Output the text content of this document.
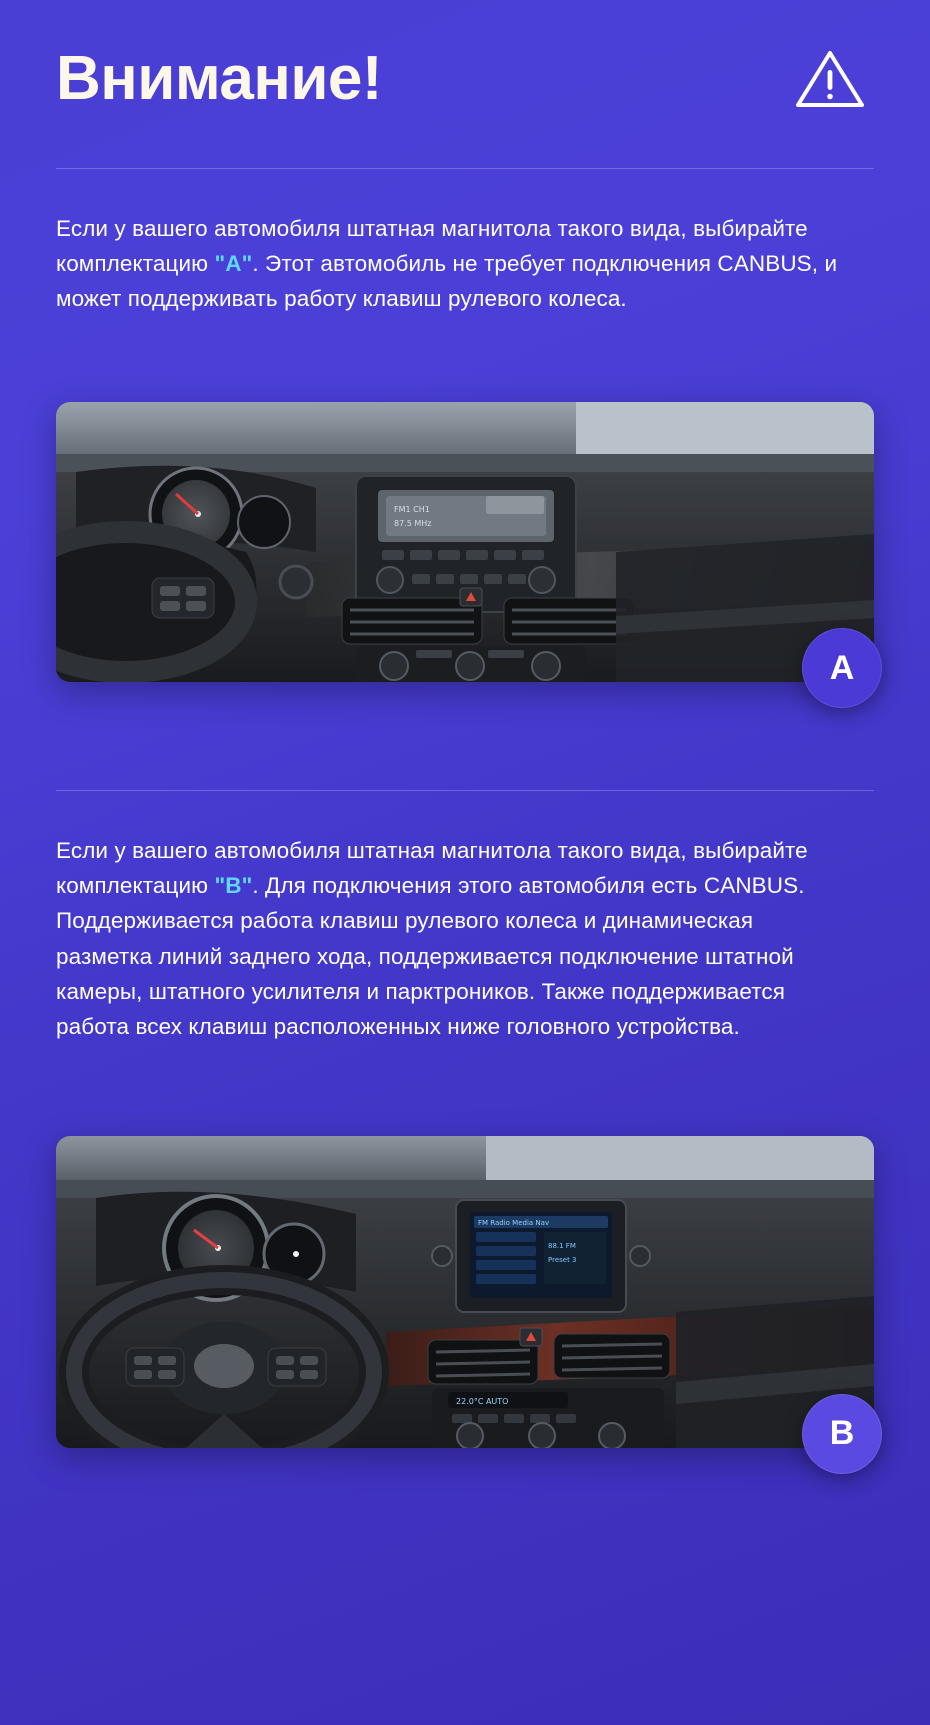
Внимание!

Если у вашего автомобиля штатная магнитола такого вида, выбирайте комплектацию "A". Этот автомобиль не требует подключения CANBUS, и может поддерживать работу клавиш рулевого колеса.

FM1 CH1
87.5 MHz
A

Если у вашего автомобиля штатная магнитола такого вида, выбирайте комплектацию "B". Для подключения этого автомобиля есть CANBUS. Поддерживается работа клавиш рулевого колеса и динамическая разметка линий заднего хода, поддерживается подключение штатной камеры, штатного усилителя и парктроников. Также поддерживается работа всех клавиш расположенных ниже головного устройства.

FM Radio Media Nav
88.1 FM
Preset 3
22.0°C AUTO
B
